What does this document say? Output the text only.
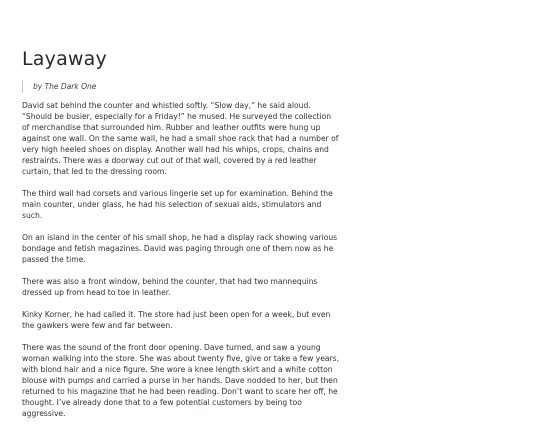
Layaway
by The Dark One

David sat behind the counter and whistled softly. “Slow day,” he said aloud. “Should be busier, especially for a Friday!” he mused. He surveyed the collection of merchandise that surrounded him. Rubber and leather outfits were hung up against one wall. On the same wall, he had a small shoe rack that had a number of very high heeled shoes on display. Another wall had his whips, crops, chains and restraints. There was a doorway cut out of that wall, covered by a red leather curtain, that led to the dressing room.

The third wall had corsets and various lingerie set up for examination. Behind the main counter, under glass, he had his selection of sexual aids, stimulators and such.

On an island in the center of his small shop, he had a display rack showing various bondage and fetish magazines. David was paging through one of them now as he passed the time.

There was also a front window, behind the counter, that had two mannequins dressed up from head to toe in leather.

Kinky Korner, he had called it. The store had just been open for a week, but even the gawkers were few and far between.

There was the sound of the front door opening. Dave turned, and saw a young woman walking into the store. She was about twenty five, give or take a few years, with blond hair and a nice figure. She wore a knee length skirt and a white cotton blouse with pumps and carried a purse in her hands. Dave nodded to her, but then returned to his magazine that he had been reading. Don’t want to scare her off, he thought. I’ve already done that to a few potential customers by being too aggressive.
